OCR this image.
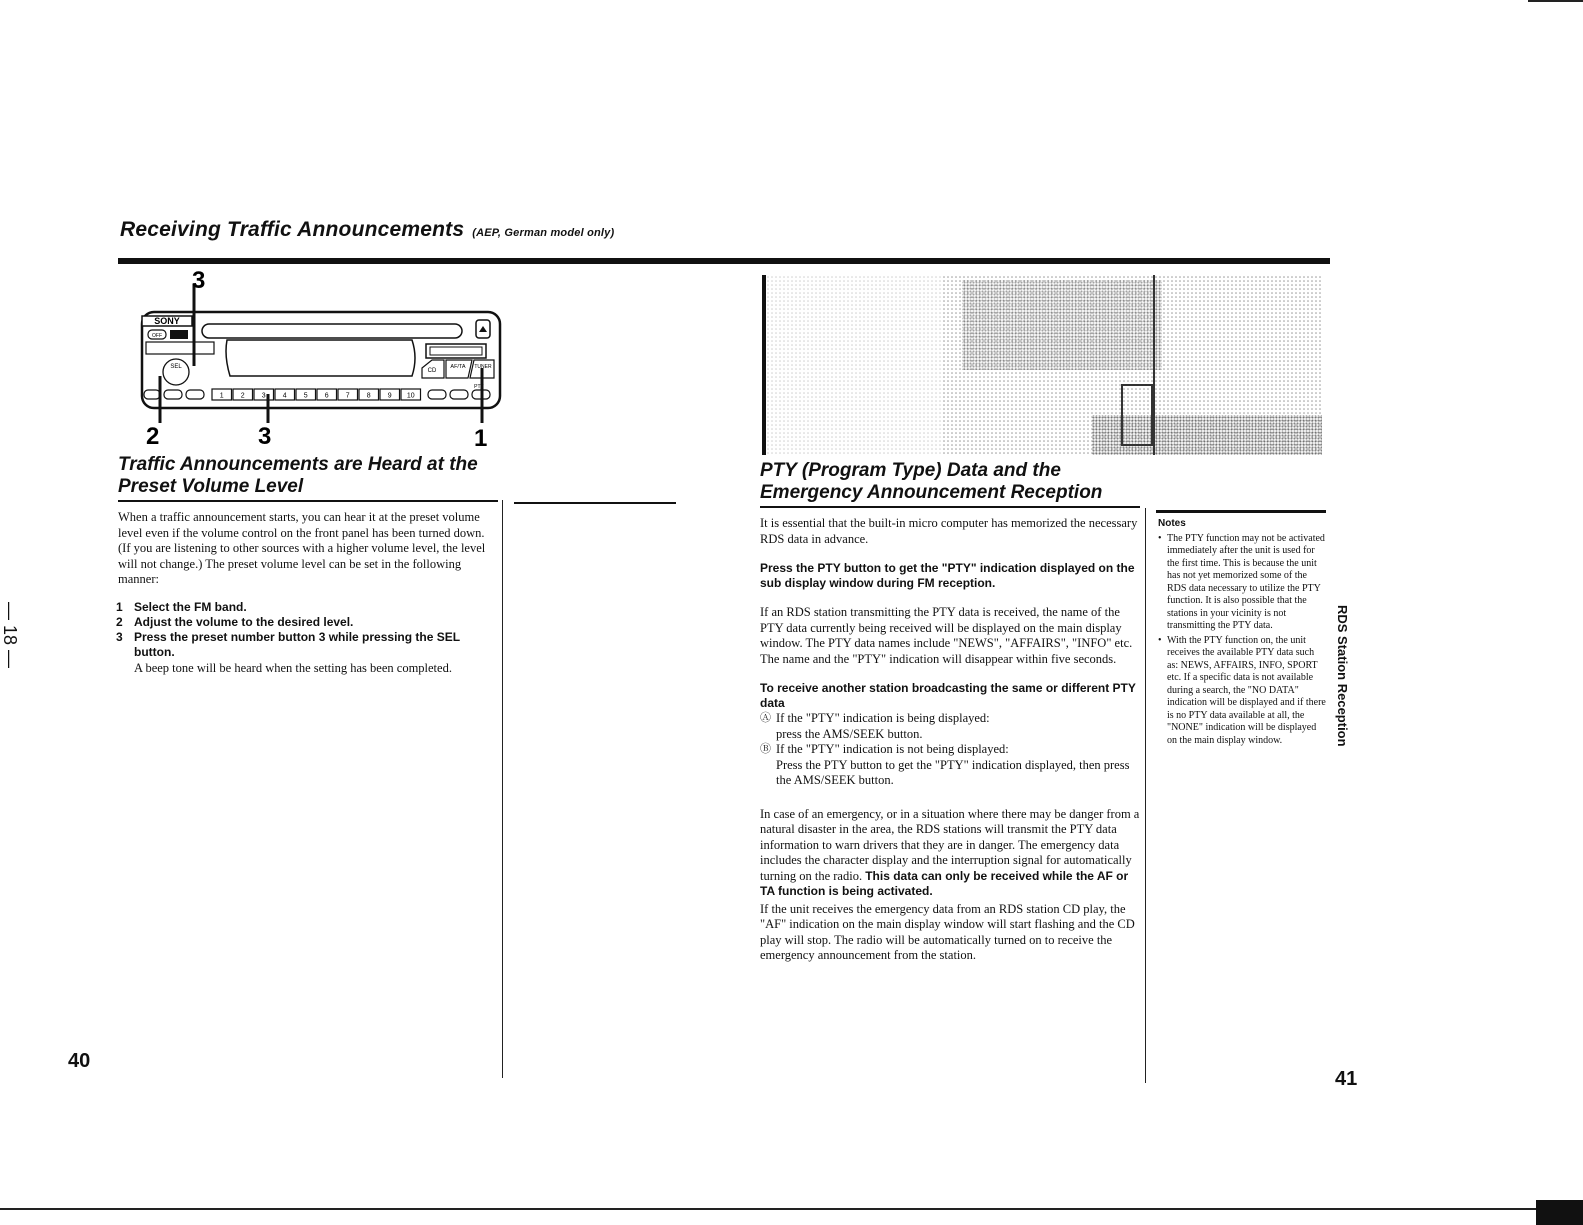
Receiving Traffic Announcements (AEP, German model only)
SONY
OFF
SEL
CD
AF/TA TUNER
PTY
1 2 3 4 5 6 7 8 9 10
3
2	3	1
Traffic Announcements are Heard at the Preset Volume Level
When a traffic announcement starts, you can hear it at the preset volume level even if the volume control on the front panel has been turned down. (If you are listening to other sources with a higher volume level, the level will not change.) The preset volume level can be set in the following manner:
1 Select the FM band.
2 Adjust the volume to the desired level.
3 Press the preset number button 3 while pressing the SEL button.
A beep tone will be heard when the setting has been completed.
— 18 —
40
PTY (Program Type) Data and the Emergency Announcement Reception

It is essential that the built-in micro computer has memorized the necessary RDS data in advance.

Press the PTY button to get the "PTY" indication displayed on the sub display window during FM reception.

If an RDS station transmitting the PTY data is received, the name of the PTY data currently being received will be displayed on the main display window. The PTY data names include "NEWS", "AFFAIRS", "INFO" etc. The name and the "PTY" indication will disappear within five seconds.

To receive another station broadcasting the same or different PTY data
Ⓐ If the "PTY" indication is being displayed:
press the AMS/SEEK button.
Ⓑ If the "PTY" indication is not being displayed:
Press the PTY button to get the "PTY" indication displayed, then press the AMS/SEEK button.

In case of an emergency, or in a situation where there may be danger from a natural disaster in the area, the RDS stations will transmit the PTY data information to warn drivers that they are in danger. The emergency data includes the character display and the interruption signal for automatically turning on the radio. This data can only be received while the AF or TA function is being activated.

If the unit receives the emergency data from an RDS station CD play, the "AF" indication on the main display window will start flashing and the CD play will stop. The radio will be automatically turned on to receive the emergency announcement from the station.

Notes
• The PTY function may not be activated immediately after the unit is used for the first time. This is because the unit has not yet memorized some of the RDS data necessary to utilize the PTY function. It is also possible that the stations in your vicinity is not transmitting the PTY data.
• With the PTY function on, the unit receives the available PTY data such as: NEWS, AFFAIRS, INFO, SPORT etc. If a specific data is not available during a search, the "NO DATA" indication will be displayed and if there is no PTY data available at all, the "NONE" indication will be displayed on the main display window.	RDS Station Reception
41
